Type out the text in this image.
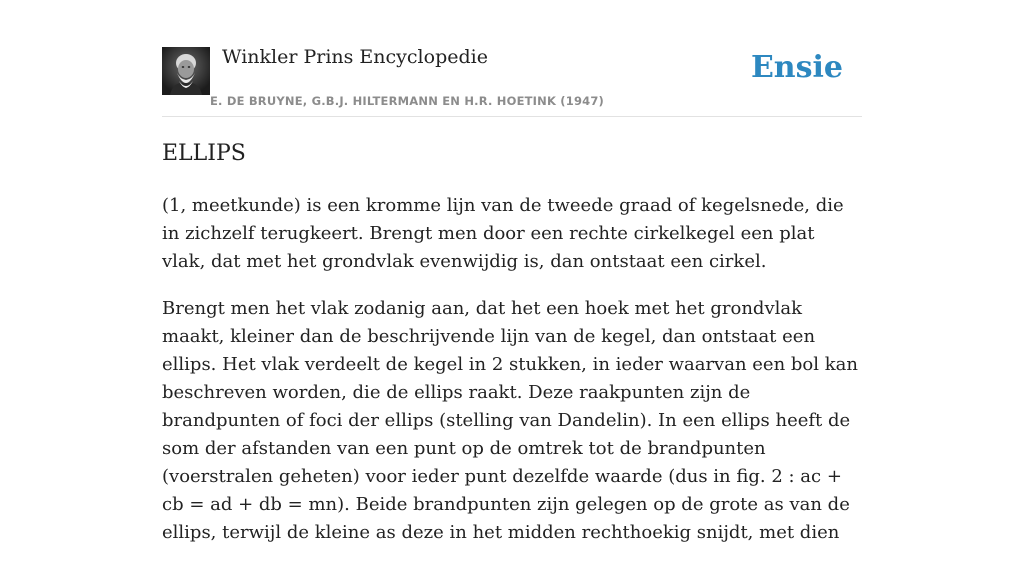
Winkler Prins Encyclopedie
E. DE BRUYNE, G.B.J. HILTERMANN EN H.R. HOETINK (1947)
Ensie
ELLIPS

(1, meetkunde) is een kromme lijn van de tweede graad of kegelsnede, die in zichzelf terugkeert. Brengt men door een rechte cirkelkegel een plat vlak, dat met het grondvlak evenwijdig is, dan ontstaat een cirkel.

Brengt men het vlak zodanig aan, dat het een hoek met het grondvlak maakt, kleiner dan de beschrijvende lijn van de kegel, dan ontstaat een ellips. Het vlak verdeelt de kegel in 2 stukken, in ieder waarvan een bol kan beschreven worden, die de ellips raakt. Deze raakpunten zijn de brandpunten of foci der ellips (stelling van Dandelin). In een ellips heeft de som der afstanden van een punt op de omtrek tot de brandpunten (voerstralen geheten) voor ieder punt dezelfde waarde (dus in fig. 2 : ac + cb = ad + db = mn). Beide brandpunten zijn gelegen op de grote as van de ellips, terwijl de kleine as deze in het midden rechthoekig snijdt, met dien
